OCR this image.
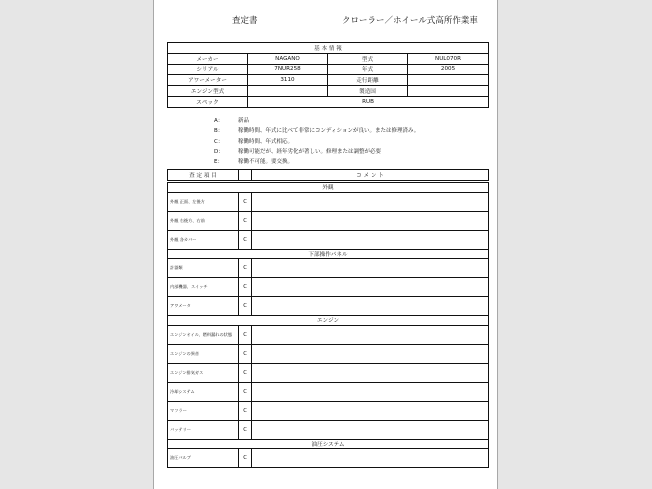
査定書	クローラー／ホイール式高所作業車
基 本 情 報			
メーカー	NAGANO	型式	NUL070R
シリアル	7NUR258	年式	2005
アワーメーター	3110	走行距離	
エンジン型式		製造国	
スペック	RUB		
A：	新品
B：	稼働時間、年式に比べて非常にコンディションが良い。または修理済み。
C：	稼働時間、年式相応。
D：	稼働可能だが、経年劣化が著しい。修理または調整が必要
E：	稼働不可能。要交換。
査 定 項 目		コ メ ン ト
外観		
外観 正面、左後方	C	
外観 右後方、右前	C	
外観 各カバー	C	
下部操作パネル		
計器類	C	
内部機器、スイッチ	C	
アワメータ	C	
エンジン		
エンジンオイル、燃料漏れの状態	C	
エンジンの異音	C	
エンジン排気ガス	C	
冷却システム	C	
マフラー	C	
バッテリー	C	
油圧システム		
油圧バルブ	C	
